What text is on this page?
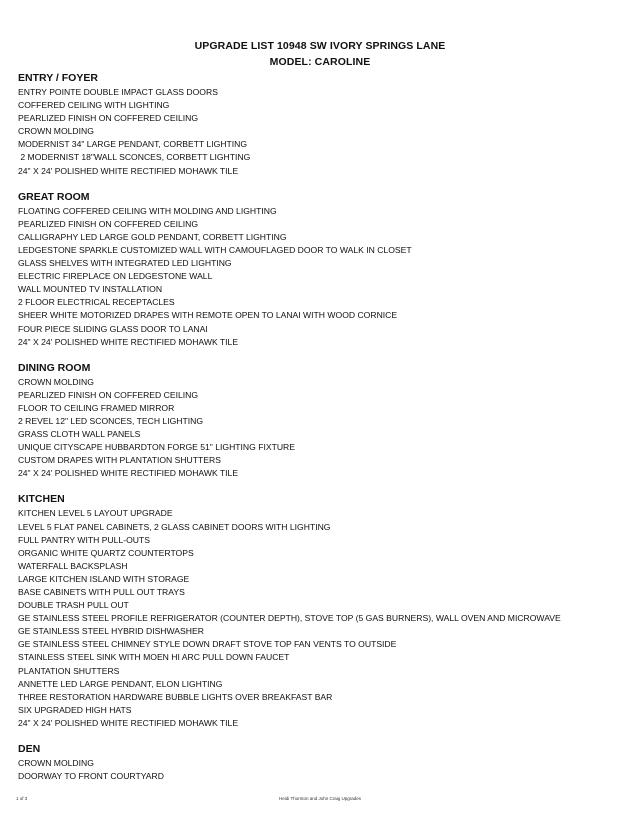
UPGRADE LIST 10948 SW IVORY SPRINGS LANE
MODEL: CAROLINE
ENTRY / FOYER
ENTRY POINTE DOUBLE IMPACT GLASS DOORS
COFFERED CEILING WITH LIGHTING
PEARLIZED FINISH ON COFFERED CEILING
CROWN MOLDING
MODERNIST 34" LARGE PENDANT, CORBETT LIGHTING
2 MODERNIST 18"WALL SCONCES, CORBETT LIGHTING
24" X 24' POLISHED WHITE RECTIFIED MOHAWK TILE
GREAT ROOM
FLOATING COFFERED CEILING WITH MOLDING AND LIGHTING
PEARLIZED FINISH ON COFFERED CEILING
CALLIGRAPHY LED LARGE GOLD PENDANT, CORBETT LIGHTING
LEDGESTONE SPARKLE CUSTOMIZED WALL WITH CAMOUFLAGED DOOR TO WALK IN CLOSET
GLASS SHELVES WITH INTEGRATED LED LIGHTING
ELECTRIC FIREPLACE ON LEDGESTONE WALL
WALL MOUNTED TV INSTALLATION
2 FLOOR ELECTRICAL RECEPTACLES
SHEER WHITE MOTORIZED DRAPES WITH REMOTE OPEN TO LANAI WITH WOOD CORNICE
FOUR PIECE SLIDING GLASS DOOR TO LANAI
24" X 24' POLISHED WHITE RECTIFIED MOHAWK TILE
DINING ROOM
CROWN MOLDING
PEARLIZED FINISH ON COFFERED CEILING
FLOOR TO CEILING FRAMED MIRROR
2 REVEL 12" LED SCONCES, TECH LIGHTING
GRASS CLOTH WALL PANELS
UNIQUE CITYSCAPE HUBBARDTON FORGE 51" LIGHTING FIXTURE
CUSTOM DRAPES WITH PLANTATION SHUTTERS
24" X 24' POLISHED WHITE RECTIFIED MOHAWK TILE
KITCHEN
KITCHEN LEVEL 5 LAYOUT UPGRADE
LEVEL 5 FLAT PANEL CABINETS, 2 GLASS CABINET DOORS WITH LIGHTING
FULL PANTRY WITH PULL-OUTS
ORGANIC WHITE QUARTZ COUNTERTOPS
WATERFALL BACKSPLASH
LARGE KITCHEN ISLAND WITH STORAGE
BASE CABINETS WITH PULL OUT TRAYS
DOUBLE TRASH PULL OUT
GE STAINLESS STEEL PROFILE REFRIGERATOR (COUNTER DEPTH), STOVE TOP (5 GAS BURNERS), WALL OVEN AND MICROWAVE
GE STAINLESS STEEL HYBRID DISHWASHER
GE STAINLESS STEEL CHIMNEY STYLE DOWN DRAFT STOVE TOP FAN VENTS TO OUTSIDE
STAINLESS STEEL SINK WITH MOEN HI ARC PULL DOWN FAUCET
PLANTATION SHUTTERS
ANNETTE LED LARGE PENDANT, ELON LIGHTING
THREE RESTORATION HARDWARE BUBBLE LIGHTS OVER BREAKFAST BAR
SIX UPGRADED HIGH HATS
24" X 24' POLISHED WHITE RECTIFIED MOHAWK TILE
DEN
CROWN MOLDING
DOORWAY TO FRONT COURTYARD
1 of 3	Heidi Thornton and John Craig Upgrades
